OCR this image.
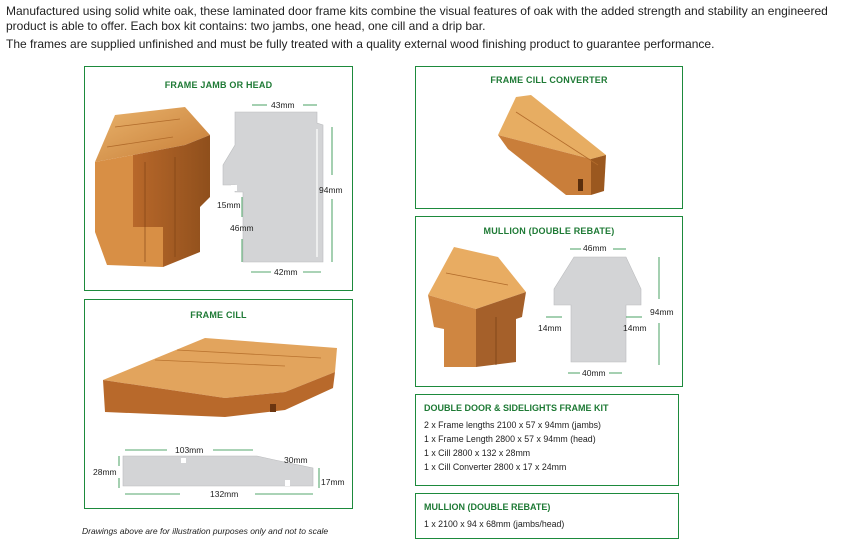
Manufactured using solid white oak, these laminated door frame kits combine the visual features of oak with the added strength and stability an engineered product is able to offer. Each box kit contains: two jambs, one head, one cill and a drip bar.

The frames are supplied unfinished and must be fully treated with a quality external wood finishing product to guarantee performance.

FRAME JAMB OR HEAD
43mm
94mm
15mm
46mm
42mm
FRAME CILL CONVERTER
MULLION (DOUBLE REBATE)
46mm
94mm
14mm	14mm
40mm
FRAME CILL
103mm
30mm
28mm
17mm
132mm
DOUBLE DOOR & SIDELIGHTS FRAME KIT
2 x Frame lengths 2100 x 57 x 94mm (jambs)
1 x Frame Length 2800 x 57 x 94mm (head)
1 x Cill 2800 x 132 x 28mm
1 x Cill Converter 2800 x 17 x 24mm
MULLION (DOUBLE REBATE)
1 x 2100 x 94 x 68mm (jambs/head)
Drawings above are for illustration purposes only and not to scale
